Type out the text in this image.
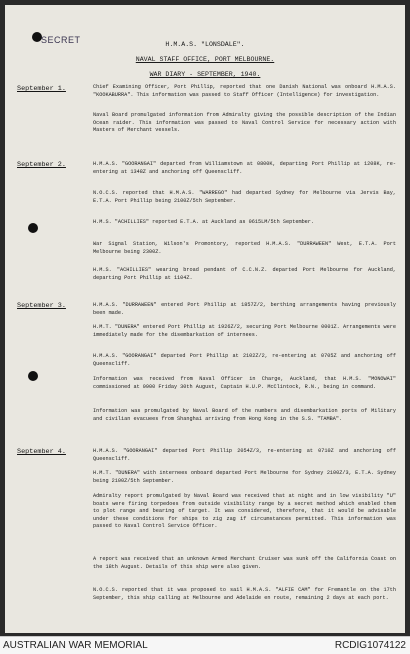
SECRET	H.M.A.S. "LONSDALE".
NAVAL STAFF OFFICE, PORT MELBOURNE.
WAR DIARY - SEPTEMBER, 1940.
September 1.
September 2.
September 3.
September 4.
Chief Examining Officer, Port Phillip, reported that one Danish National was onboard H.M.A.S. "KOOKABURRA". This information was passed to Staff Officer (Intelligence) for investigation.
Naval Board promulgated information from Admiralty giving the possible description of the Indian Ocean raider. This information was passed to Naval Control Service for necessary action with Masters of Merchant vessels.
H.M.A.S. "GOORANGAI" departed from Williamstown at 0800K, departing Port Phillip at 1208K, re-entering at 1348Z and anchoring off Queenscliff.
N.O.C.S. reported that H.M.A.S. "WARREGO" had departed Sydney for Melbourne via Jervis Bay, E.T.A. Port Phillip being 2100Z/5th September.
H.M.S. "ACHILLIES" reported E.T.A. at Auckland as 0615LM/5th September.
War Signal Station, Wilson's Promontory, reported H.M.A.S. "DURRAWEEN" West, E.T.A. Port Melbourne being 2300Z.
H.M.S. "ACHILLIES" wearing broad pendant of C.C.N.Z. departed Port Melbourne for Auckland, departing Port Phillip at 1104Z.
H.M.A.S. "DURRAWEEN" entered Port Phillip at 1857Z/2, berthing arrangements having previously been made.
H.M.T. "DUNERA" entered Port Phillip at 1926Z/2, securing Port Melbourne 0001Z. Arrangements were immediately made for the disembarkation of internees.
H.M.A.S. "GOORANGAI" departed Port Phillip at 2102Z/2, re-entering at 0705Z and anchoring off Queenscliff.
Information was received from Naval Officer in Charge, Auckland, that H.M.S. "MONOWAI" commissioned at 0900 Friday 30th August, Captain H.U.P. McClintock, R.N., being in command.
Information was promulgated by Naval Board of the numbers and disembarkation ports of Military and civilian evacuees from Shanghai arriving from Hong Kong in the S.S. "TAMBA".
H.M.A.S. "GOORANGAI" departed Port Phillip 2054Z/3, re-entering at 0710Z and anchoring off Queenscliff.
H.M.T. "DUNERA" with internees onboard departed Port Melbourne for Sydney 2100Z/3, E.T.A. Sydney being 2100Z/5th September.
Admiralty report promulgated by Naval Board was received that at night and in low visibility "U" boats were firing torpedoes from outside visibility range by a secret method which enabled them to plot range and bearing of target. It was considered, therefore, that it would be advisable under these conditions for ships to zig zag if circumstances permitted. This information was passed to Naval Control Service Officer.
A report was received that an unknown Armed Merchant Cruiser was sunk off the California Coast on the 18th August. Details of this ship were also given.
N.O.C.S. reported that it was proposed to sail H.M.A.S. "ALFIE CAM" for Fremantle on the 17th September, this ship calling at Melbourne and Adelaide en route, remaining 2 days at each port.
AUSTRALIAN WAR MEMORIAL	RCDIG1074122
